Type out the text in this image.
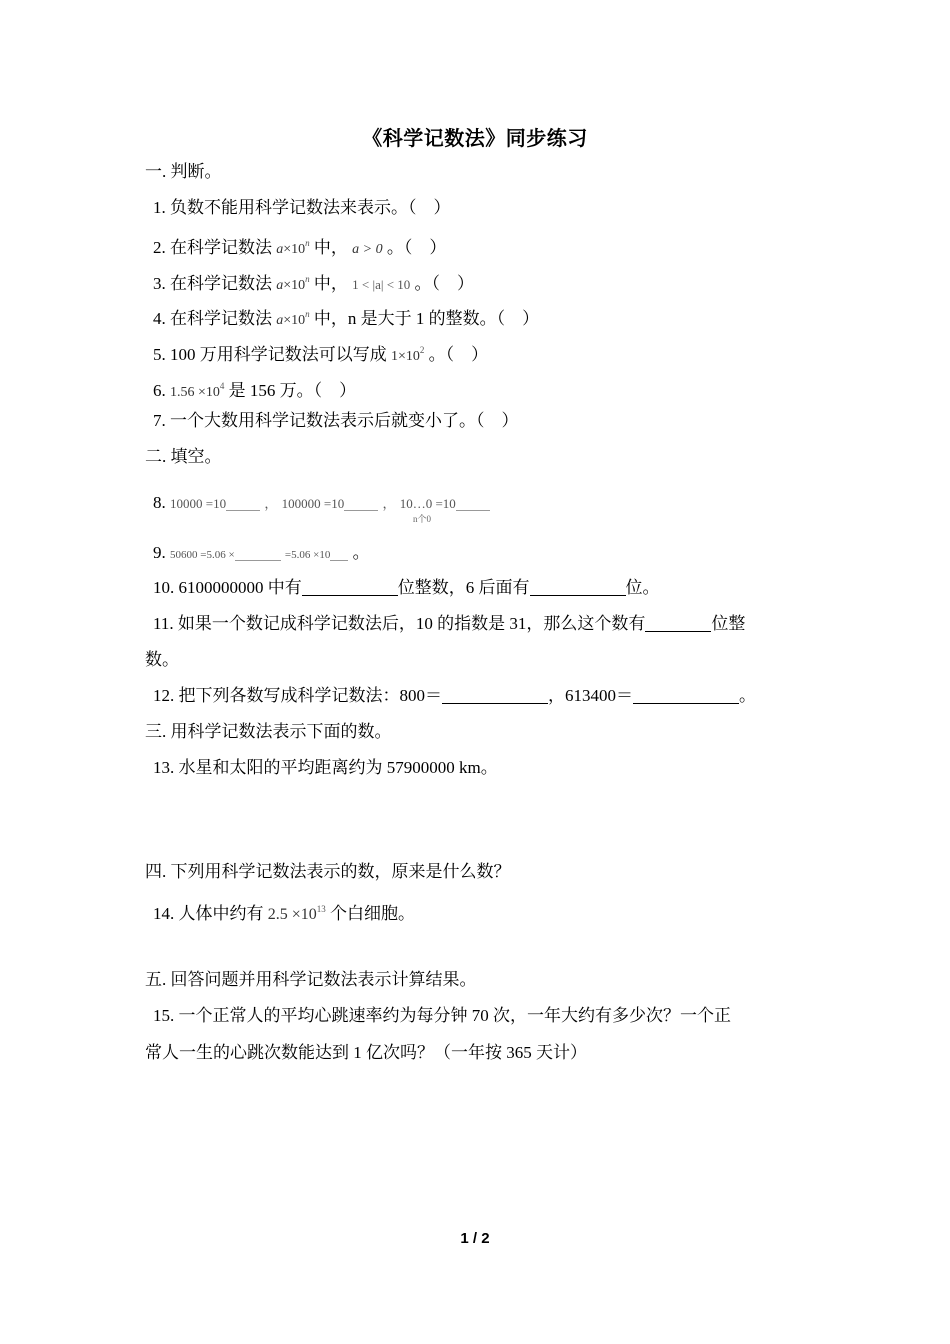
《科学记数法》同步练习
一. 判断。
1. 负数不能用科学记数法来表示。（　）
2. 在科学记数法 $a\times 10^n$ 中， a > 0 。（　）
3. 在科学记数法 $a\times 10^n$ 中， 1 < |a| < 10 。（　）
4. 在科学记数法 $a\times 10^n$ 中，n 是大于 1 的整数。（　）
5. 100 万用科学记数法可以写成 $1\times 10^2$ 。（　）
6. $1.56 \times 10^4$ 是 156 万。（　）
7. 一个大数用科学记数法表示后就变小了。（　）
二. 填空。
8. 10000 =10	， 100000 =10	， 10…0 =10
n个0
9. 50600 =5.06 ×	=5.06 ×10 。
10. 6100000000 中有	位整数，6 后面有	位。
11. 如果一个数记成科学记数法后，10 的指数是 31，那么这个数有	位整
数。
12. 把下列各数写成科学记数法：800＝	，613400＝	。
三. 用科学记数法表示下面的数。
13. 水星和太阳的平均距离约为 57900000 km。
四. 下列用科学记数法表示的数，原来是什么数？
14. 人体中约有 $2.5 \times 10^{13}$ 个白细胞。
五. 回答问题并用科学记数法表示计算结果。
15. 一个正常人的平均心跳速率约为每分钟 70 次，一年大约有多少次？一个正
常人一生的心跳次数能达到 1 亿次吗？（一年按 365 天计）
1 / 2
